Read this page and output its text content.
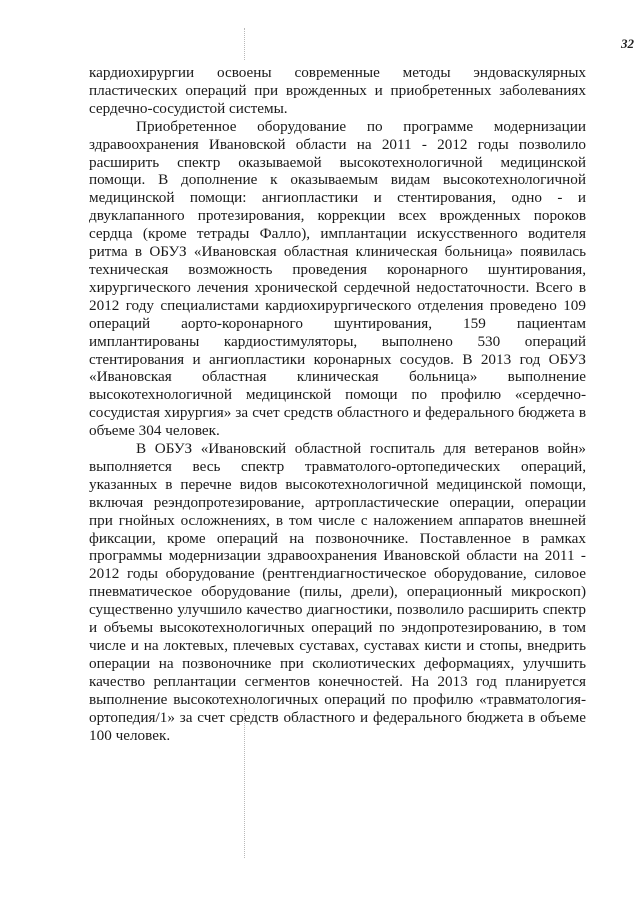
32

кардиохирургии освоены современные методы эндоваскулярных пластических операций при врожденных и приобретенных заболеваниях сердечно-сосудистой системы.

Приобретенное оборудование по программе модернизации здравоохранения Ивановской области на 2011 - 2012 годы позволило расширить спектр оказываемой высокотехнологичной медицинской помощи. В дополнение к оказываемым видам высокотехнологичной медицинской помощи: ангиопластики и стентирования, одно - и двуклапанного протезирования, коррекции всех врожденных пороков сердца (кроме тетрады Фалло), имплантации искусственного водителя ритма в ОБУЗ «Ивановская областная клиническая больница» появилась техническая возможность проведения коронарного шунтирования, хирургического лечения хронической сердечной недостаточности. Всего в 2012 году специалистами кардиохирургического отделения проведено 109 операций аорто-коронарного шунтирования, 159 пациентам имплантированы кардиостимуляторы, выполнено 530 операций стентирования и ангиопластики коронарных сосудов. В 2013 год ОБУЗ «Ивановская областная клиническая больница» выполнение высокотехнологичной медицинской помощи по профилю «сердечно-сосудистая хирургия» за счет средств областного и федерального бюджета в объеме 304 человек.

В ОБУЗ «Ивановский областной госпиталь для ветеранов войн» выполняется весь спектр травматолого-ортопедических операций, указанных в перечне видов высокотехнологичной медицинской помощи, включая реэндопротезирование, артропластические операции, операции при гнойных осложнениях, в том числе с наложением аппаратов внешней фиксации, кроме операций на позвоночнике. Поставленное в рамках программы модернизации здравоохранения Ивановской области на 2011 - 2012 годы оборудование (рентгендиагностическое оборудование, силовое пневматическое оборудование (пилы, дрели), операционный микроскоп) существенно улучшило качество диагностики, позволило расширить спектр и объемы высокотехнологичных операций по эндопротезированию, в том числе и на локтевых, плечевых суставах, суставах кисти и стопы, внедрить операции на позвоночнике при сколиотических деформациях, улучшить качество реплантации сегментов конечностей. На 2013 год планируется выполнение высокотехнологичных операций по профилю «травматология-ортопедия/1» за счет средств областного и федерального бюджета в объеме 100 человек.
